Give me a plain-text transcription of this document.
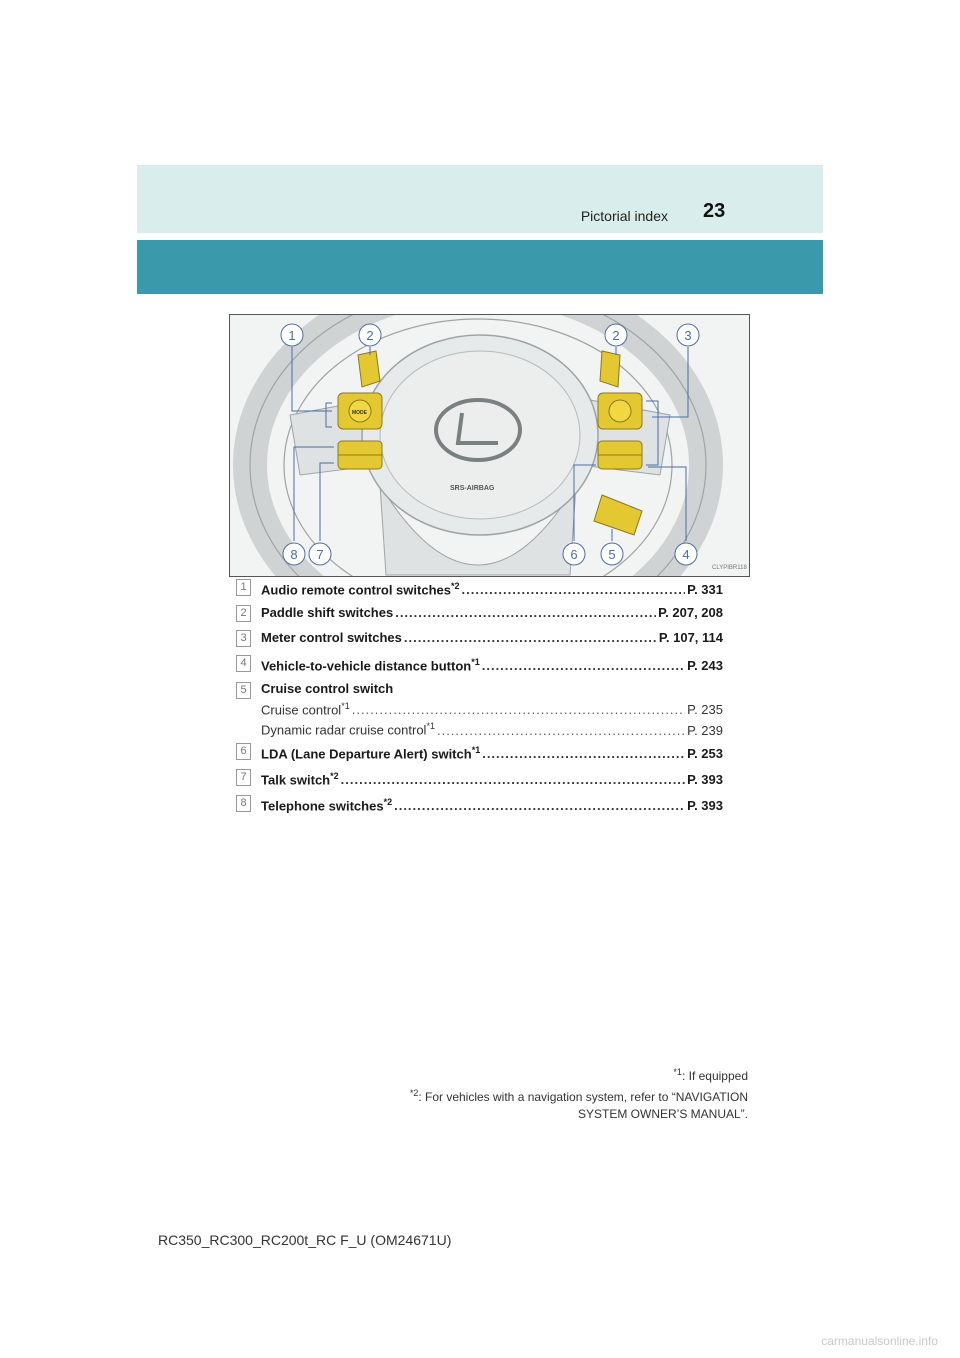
Pictorial index 23
SRS-AIRBAG
MODE
1	2	2	3
8 7	6 5	4
CLYPIBR118
1	Audio remote control switches$^{*2}$ .....	P. 331
2	Paddle shift switches .....	P. 207, 208
3	Meter control switches .....	P. 107, 114
4	Vehicle-to-vehicle distance button$^{*1}$ .....	P. 243
5	Cruise control switch
Cruise control$^{*1}$ .....	P. 235
Dynamic radar cruise control$^{*1}$ .....	P. 239
6	LDA (Lane Departure Alert) switch$^{*1}$ .....	P. 253
7	Talk switch$^{*2}$ .....	P. 393
8	Telephone switches$^{*2}$ .....	P. 393
$^{*1}$: If equipped
$^{*2}$: For vehicles with a navigation system, refer to “NAVIGATION
SYSTEM OWNER’S MANUAL”.
RC350_RC300_RC200t_RC F_U (OM24671U)
carmanualsonline.info
